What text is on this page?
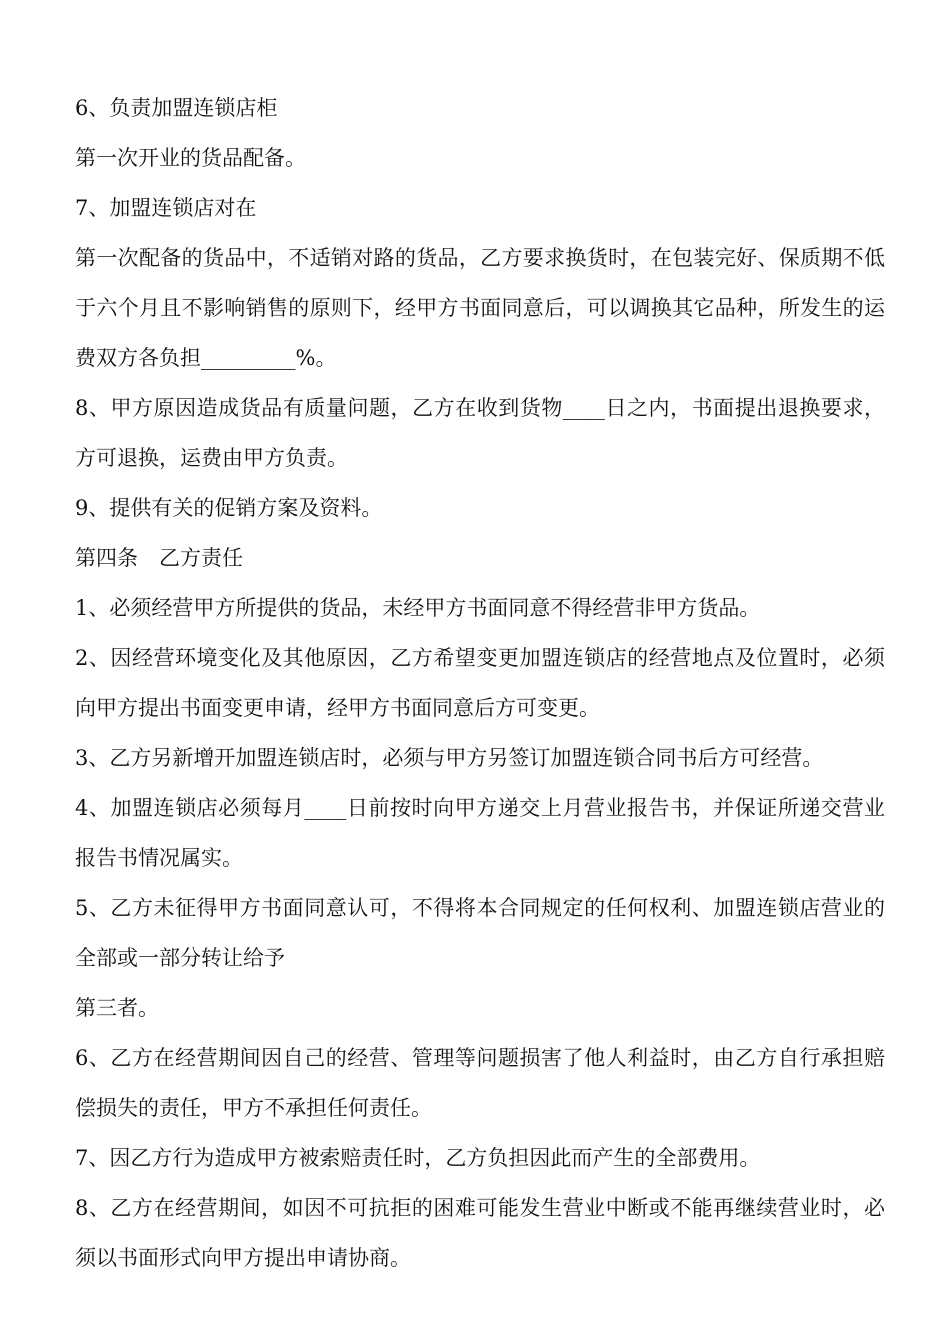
6、负责加盟连锁店柜

第一次开业的货品配备。

7、加盟连锁店对在

第一次配备的货品中，不适销对路的货品，乙方要求换货时，在包装完好、保质期不低于六个月且不影响销售的原则下，经甲方书面同意后，可以调换其它品种，所发生的运费双方各负担_________%。

8、甲方原因造成货品有质量问题，乙方在收到货物____日之内，书面提出退换要求，方可退换，运费由甲方负责。

9、提供有关的促销方案及资料。

第四条　乙方责任

1、必须经营甲方所提供的货品，未经甲方书面同意不得经营非甲方货品。

2、因经营环境变化及其他原因，乙方希望变更加盟连锁店的经营地点及位置时，必须向甲方提出书面变更申请，经甲方书面同意后方可变更。

3、乙方另新增开加盟连锁店时，必须与甲方另签订加盟连锁合同书后方可经营。

4、加盟连锁店必须每月____日前按时向甲方递交上月营业报告书，并保证所递交营业报告书情况属实。

5、乙方未征得甲方书面同意认可，不得将本合同规定的任何权利、加盟连锁店营业的全部或一部分转让给予

第三者。

6、乙方在经营期间因自己的经营、管理等问题损害了他人利益时，由乙方自行承担赔偿损失的责任，甲方不承担任何责任。

7、因乙方行为造成甲方被索赔责任时，乙方负担因此而产生的全部费用。

8、乙方在经营期间，如因不可抗拒的困难可能发生营业中断或不能再继续营业时，必须以书面形式向甲方提出申请协商。
